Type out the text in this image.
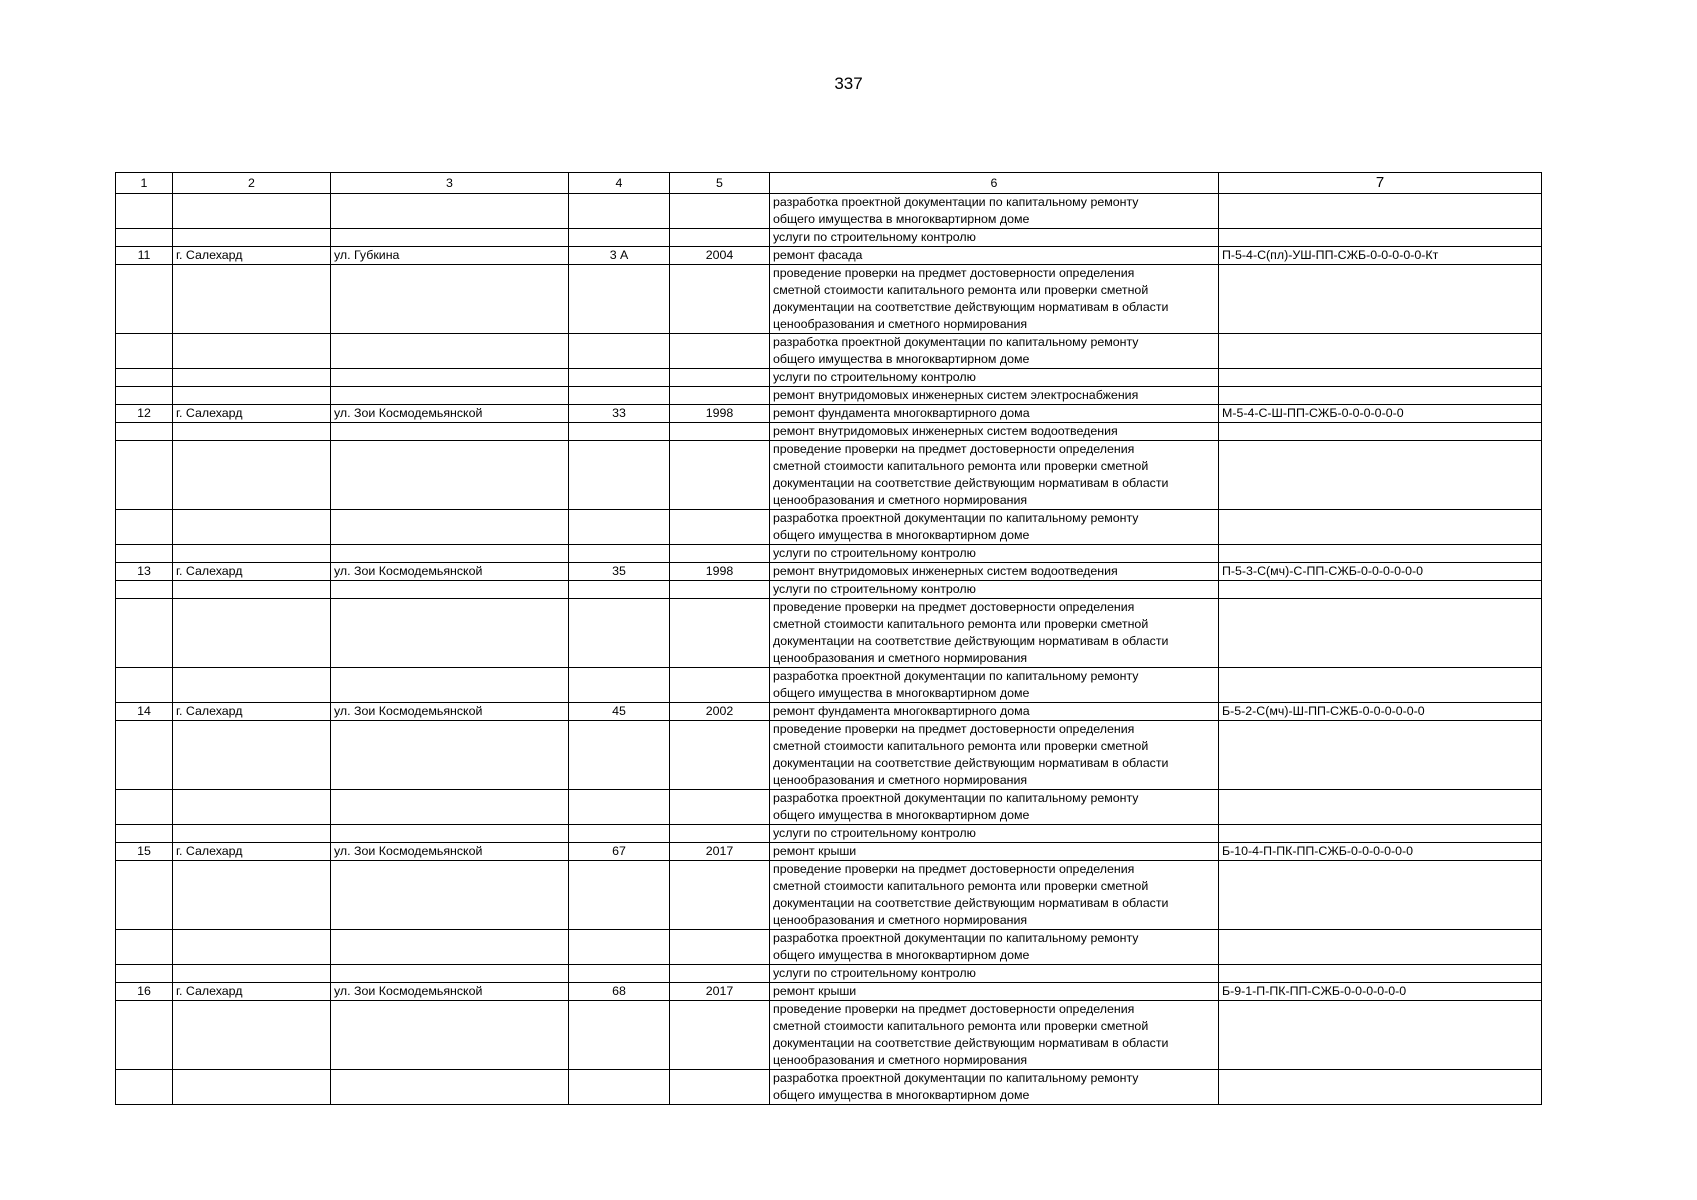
337
1	2	3	4	5	6	7

					разработка проектной документации по капитальному ремонту
общего имущества в многоквартирном доме	

					услуги по строительному контролю	

11	г. Салехард	ул. Губкина	3 А	2004	ремонт фасада	П-5-4-С(пл)-УШ-ПП-СЖБ-0-0-0-0-0-Кт

					проведение проверки на предмет достоверности определения
сметной стоимости капитального ремонта или проверки сметной
документации на соответствие действующим нормативам в области
ценообразования и сметного нормирования	

					разработка проектной документации по капитальному ремонту
общего имущества в многоквартирном доме	

					услуги по строительному контролю	

					ремонт внутридомовых инженерных систем электроснабжения	

12	г. Салехард	ул. Зои Космодемьянской	33	1998	ремонт фундамента многоквартирного дома	М-5-4-С-Ш-ПП-СЖБ-0-0-0-0-0-0

					ремонт внутридомовых инженерных систем водоотведения	

					проведение проверки на предмет достоверности определения
сметной стоимости капитального ремонта или проверки сметной
документации на соответствие действующим нормативам в области
ценообразования и сметного нормирования	

					разработка проектной документации по капитальному ремонту
общего имущества в многоквартирном доме	

					услуги по строительному контролю	

13	г. Салехард	ул. Зои Космодемьянской	35	1998	ремонт внутридомовых инженерных систем водоотведения	П-5-3-С(мч)-С-ПП-СЖБ-0-0-0-0-0-0

					услуги по строительному контролю	

					проведение проверки на предмет достоверности определения
сметной стоимости капитального ремонта или проверки сметной
документации на соответствие действующим нормативам в области
ценообразования и сметного нормирования	

					разработка проектной документации по капитальному ремонту
общего имущества в многоквартирном доме	

14	г. Салехард	ул. Зои Космодемьянской	45	2002	ремонт фундамента многоквартирного дома	Б-5-2-С(мч)-Ш-ПП-СЖБ-0-0-0-0-0-0

					проведение проверки на предмет достоверности определения
сметной стоимости капитального ремонта или проверки сметной
документации на соответствие действующим нормативам в области
ценообразования и сметного нормирования	

					разработка проектной документации по капитальному ремонту
общего имущества в многоквартирном доме	

					услуги по строительному контролю	

15	г. Салехард	ул. Зои Космодемьянской	67	2017	ремонт крыши	Б-10-4-П-ПК-ПП-СЖБ-0-0-0-0-0-0

					проведение проверки на предмет достоверности определения
сметной стоимости капитального ремонта или проверки сметной
документации на соответствие действующим нормативам в области
ценообразования и сметного нормирования	

					разработка проектной документации по капитальному ремонту
общего имущества в многоквартирном доме	

					услуги по строительному контролю	

16	г. Салехард	ул. Зои Космодемьянской	68	2017	ремонт крыши	Б-9-1-П-ПК-ПП-СЖБ-0-0-0-0-0-0

					проведение проверки на предмет достоверности определения
сметной стоимости капитального ремонта или проверки сметной
документации на соответствие действующим нормативам в области
ценообразования и сметного нормирования	

					разработка проектной документации по капитальному ремонту
общего имущества в многоквартирном доме	
